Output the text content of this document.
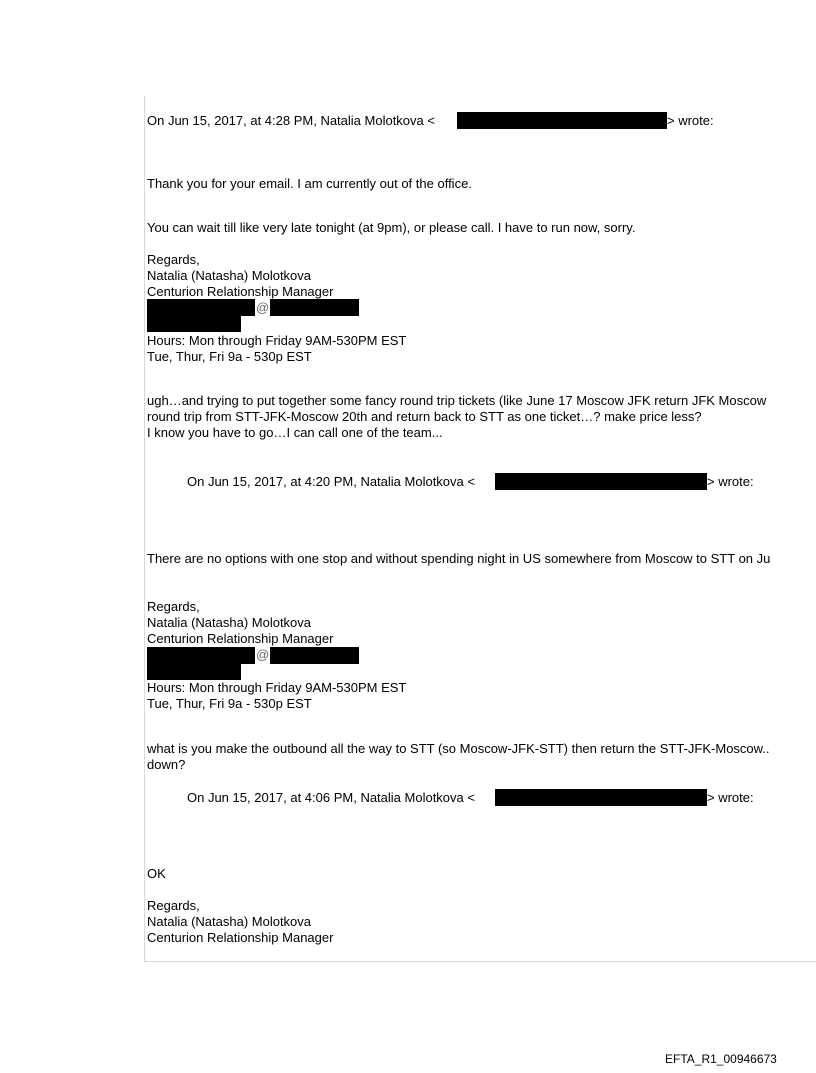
On Jun 15, 2017, at 4:28 PM, Natalia Molotkova <	> wrote:

Thank you for your email. I am currently out of the office.

You can wait till like very late tonight (at 9pm), or please call. I have to run now, sorry.

Regards,

Natalia (Natasha) Molotkova

Centurion Relationship Manager

@

Hours: Mon through Friday 9AM-530PM EST

Tue, Thur, Fri 9a - 530p EST

ugh…and trying to put together some fancy round trip tickets (like June 17 Moscow JFK return JFK Moscow

round trip from STT-JFK-Moscow 20th and return back to STT as one ticket…? make price less?

I know you have to go…I can call one of the team...

On Jun 15, 2017, at 4:20 PM, Natalia Molotkova <	> wrote:

There are no options with one stop and without spending night in US somewhere from Moscow to STT on Ju

Regards,

Natalia (Natasha) Molotkova

Centurion Relationship Manager

@

Hours: Mon through Friday 9AM-530PM EST

Tue, Thur, Fri 9a - 530p EST

what is you make the outbound all the way to STT (so Moscow-JFK-STT) then return the STT-JFK-Moscow..

down?

On Jun 15, 2017, at 4:06 PM, Natalia Molotkova <	> wrote:

OK

Regards,

Natalia (Natasha) Molotkova

Centurion Relationship Manager

EFTA_R1_00946673
